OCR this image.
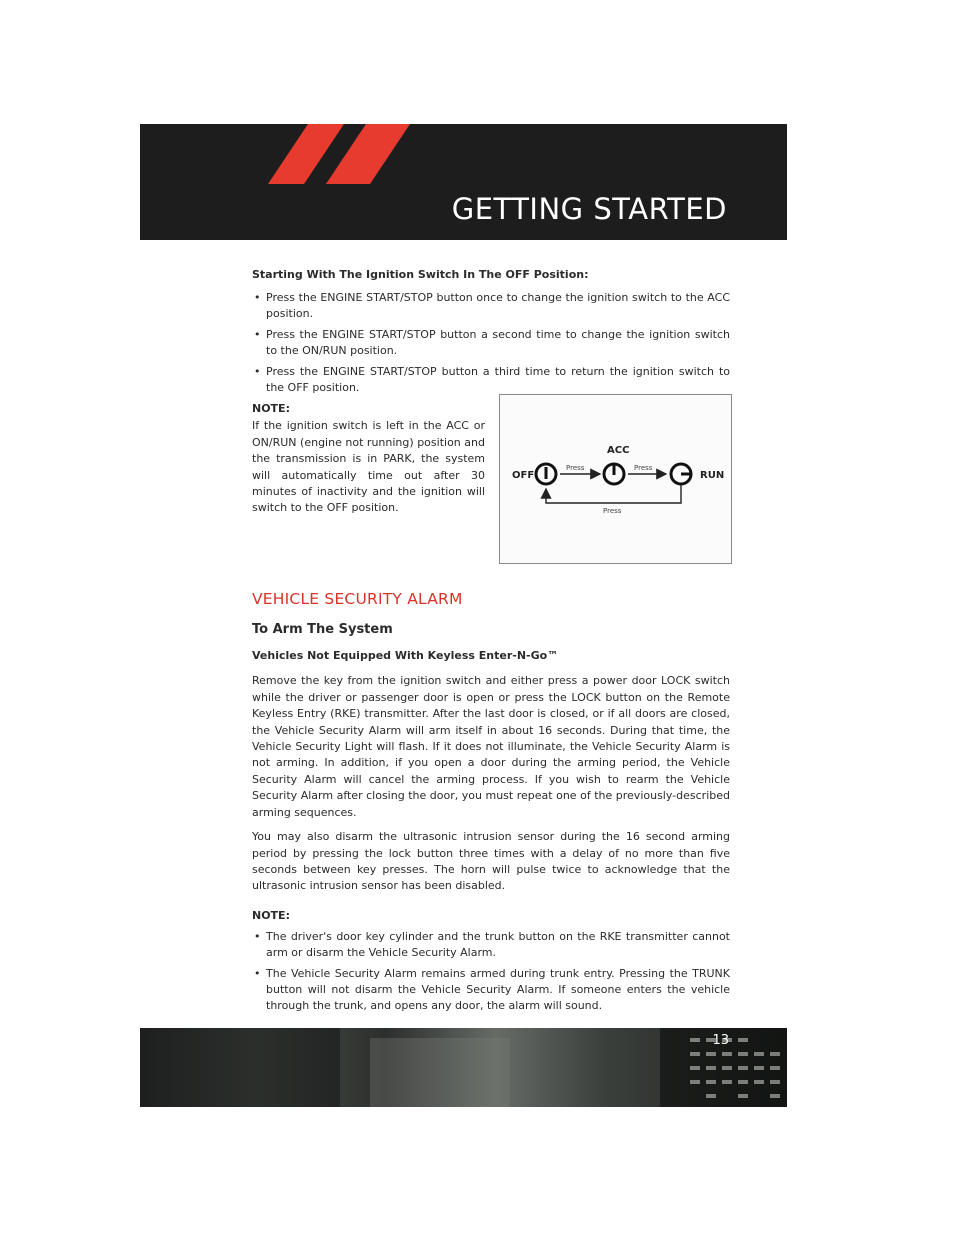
GETTING STARTED
Starting With The Ignition Switch In The OFF Position:
• Press the ENGINE START/STOP button once to change the ignition switch to the ACC position.
• Press the ENGINE START/STOP button a second time to change the ignition switch to the ON/RUN position.
• Press the ENGINE START/STOP button a third time to return the ignition switch to the OFF position.
NOTE:

If the ignition switch is left in the ACC or ON/RUN (engine not running) position and the transmission is in PARK, the system will automatically time out after 30 minutes of inactivity and the ignition will switch to the OFF position.

OFF
ACC
RUN
Press	Press
Press
VEHICLE SECURITY ALARM
To Arm The System
Vehicles Not Equipped With Keyless Enter-N-Go™

Remove the key from the ignition switch and either press a power door LOCK switch while the driver or passenger door is open or press the LOCK button on the Remote Keyless Entry (RKE) transmitter. After the last door is closed, or if all doors are closed, the Vehicle Security Alarm will arm itself in about 16 seconds. During that time, the Vehicle Security Light will flash. If it does not illuminate, the Vehicle Security Alarm is not arming. In addition, if you open a door during the arming period, the Vehicle Security Alarm will cancel the arming process. If you wish to rearm the Vehicle Security Alarm after closing the door, you must repeat one of the previously-described arming sequences.

You may also disarm the ultrasonic intrusion sensor during the 16 second arming period by pressing the lock button three times with a delay of no more than five seconds between key presses. The horn will pulse twice to acknowledge that the ultrasonic intrusion sensor has been disabled.

NOTE:
• The driver's door key cylinder and the trunk button on the RKE transmitter cannot arm or disarm the Vehicle Security Alarm.
• The Vehicle Security Alarm remains armed during trunk entry. Pressing the TRUNK button will not disarm the Vehicle Security Alarm. If someone enters the vehicle through the trunk, and opens any door, the alarm will sound.
13
